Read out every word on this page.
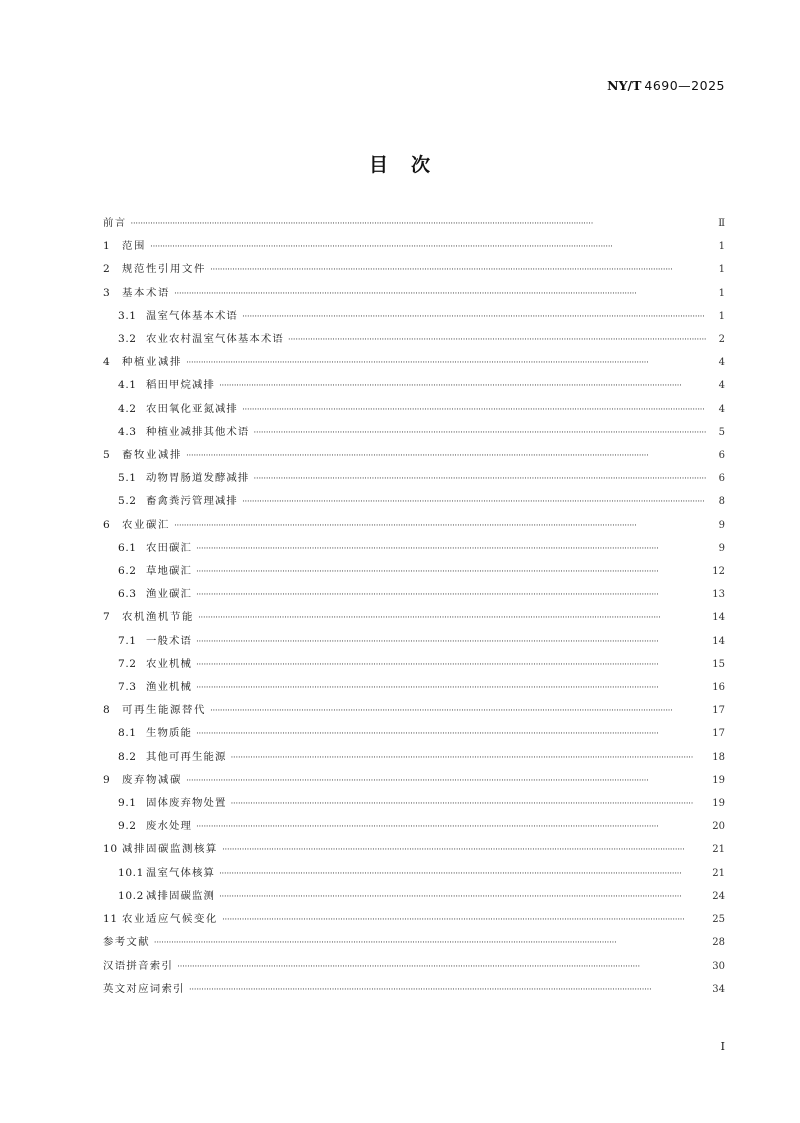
NY/T 4690—2025
目 次
前言 ·····	Ⅱ
1	范围 ·····	1
2	规范性引用文件 ·····	1
3	基本术语 ·····	1
3.1 温室气体基本术语 ·····	1
3.2 农业农村温室气体基本术语 ·····	2
4	种植业减排 ·····	4
4.1 稻田甲烷减排 ·····	4
4.2 农田氧化亚氮减排 ·····	4
4.3 种植业减排其他术语 ·····	5
5	畜牧业减排 ·····	6
5.1 动物胃肠道发酵减排 ·····	6
5.2 畜禽粪污管理减排 ·····	8
6	农业碳汇 ·····	9
6.1 农田碳汇 ·····	9
6.2 草地碳汇 ·····	12
6.3 渔业碳汇 ·····	13
7	农机渔机节能 ·····	14
7.1 一般术语 ·····	14
7.2 农业机械 ·····	15
7.3 渔业机械 ·····	16
8	可再生能源替代 ·····	17
8.1 生物质能 ·····	17
8.2 其他可再生能源 ·····	18
9	废弃物减碳 ·····	19
9.1 固体废弃物处置 ·····	19
9.2 废水处理 ·····	20
10 减排固碳监测核算 ·····	21
10.1 温室气体核算 ·····	21
10.2 减排固碳监测 ·····	24
11 农业适应气候变化 ·····	25
参考文献 ·····	28
汉语拼音索引 ·····	30
英文对应词索引 ·····	34
Ⅰ
